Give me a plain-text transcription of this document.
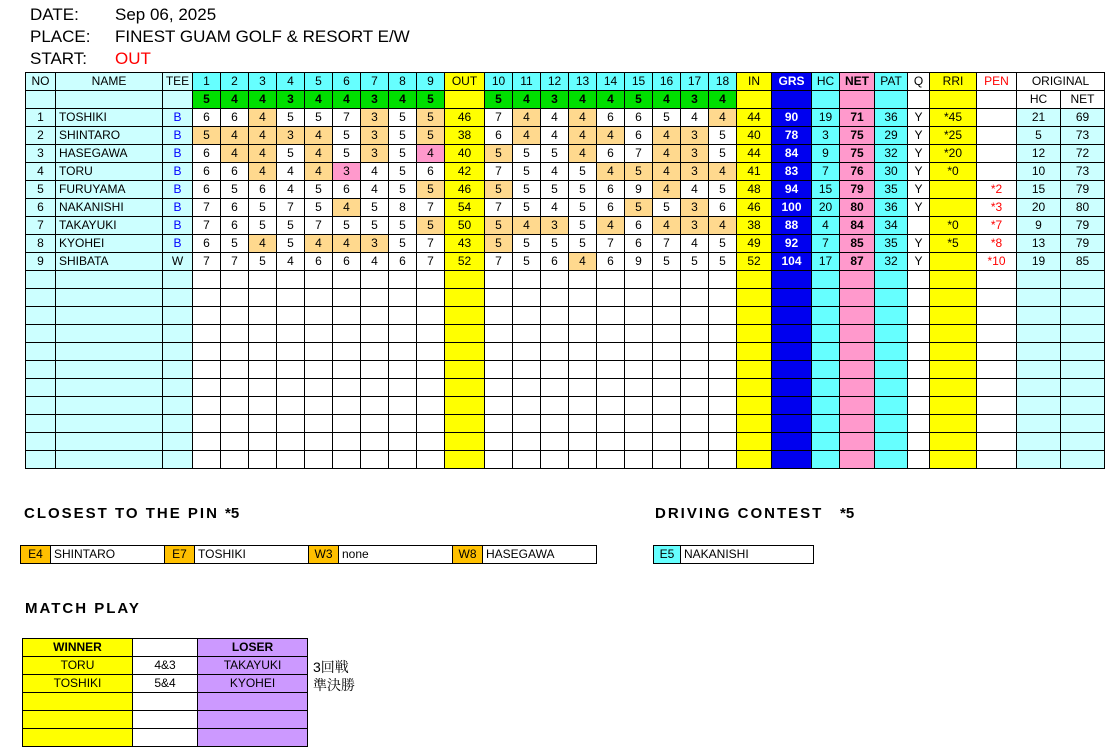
DATE: Sep 06, 2025
PLACE: FINEST GUAM GOLF & RESORT E/W
START: OUT
NO	NAME	TEE	1	2	3	4	5	6	7	8	9	OUT	10	11	12	13	14	15	16	17	18	IN	GRS	HC	NET	PAT	Q	RRI	PEN	ORIGINAL	
			5	4	4	3	4	4	3	4	5		5	4	3	4	4	5	4	3	4									HC	NET
1	TOSHIKI	B	6	6	4	5	5	7	3	5	5	46	7	4	4	4	6	6	5	4	4	44	90	19	71	36	Y	*45		21	69
2	SHINTARO	B	5	4	4	3	4	5	3	5	5	38	6	4	4	4	4	6	4	3	5	40	78	3	75	29	Y	*25		5	73
3	HASEGAWA	B	6	4	4	5	4	5	3	5	4	40	5	5	5	4	6	7	4	3	5	44	84	9	75	32	Y	*20		12	72
4	TORU	B	6	6	4	4	4	3	4	5	6	42	7	5	4	5	4	5	4	3	4	41	83	7	76	30	Y	*0		10	73
5	FURUYAMA	B	6	5	6	4	5	6	4	5	5	46	5	5	5	5	6	9	4	4	5	48	94	15	79	35	Y		*2	15	79
6	NAKANISHI	B	7	6	5	7	5	4	5	8	7	54	7	5	4	5	6	5	5	3	6	46	100	20	80	36	Y		*3	20	80
7	TAKAYUKI	B	7	6	5	5	7	5	5	5	5	50	5	4	3	5	4	6	4	3	4	38	88	4	84	34		*0	*7	9	79
8	KYOHEI	B	6	5	4	5	4	4	3	5	7	43	5	5	5	5	7	6	7	4	5	49	92	7	85	35	Y	*5	*8	13	79
9	SHIBATA	W	7	7	5	4	6	6	4	6	7	52	7	5	6	4	6	9	5	5	5	52	104	17	87	32	Y		*10	19	85

CLOSEST TO THE PIN *5
E4	SHINTARO	E7	TOSHIKI	W3	none	W8	HASEGAWA
DRIVING CONTEST *5
E5	NAKANISHI
MATCH PLAY
WINNER		LOSER
TORU	4&3	TAKAYUKI
TOSHIKI	5&4	KYOHEI

3回戦
準決勝
